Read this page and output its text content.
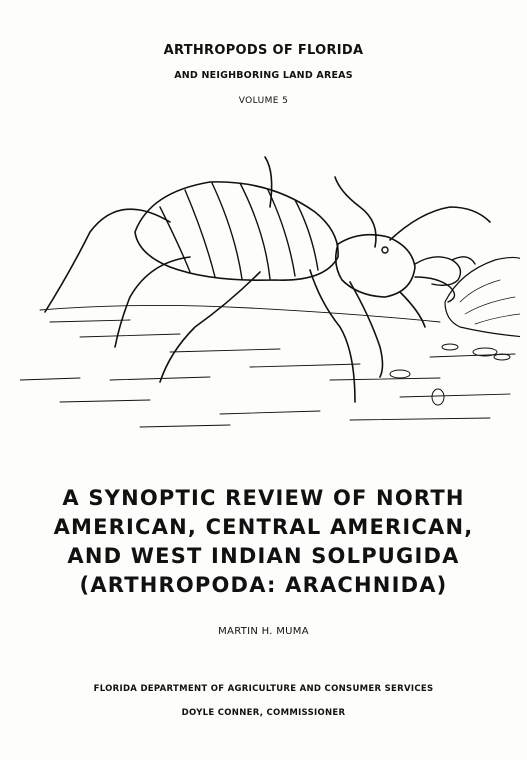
ARTHROPODS OF FLORIDA
AND NEIGHBORING LAND AREAS
VOLUME 5
A SYNOPTIC REVIEW OF NORTH
AMERICAN, CENTRAL AMERICAN,
AND WEST INDIAN SOLPUGIDA
(ARTHROPODA: ARACHNIDA)
MARTIN H. MUMA
FLORIDA DEPARTMENT OF AGRICULTURE AND CONSUMER SERVICES
DOYLE CONNER, COMMISSIONER
